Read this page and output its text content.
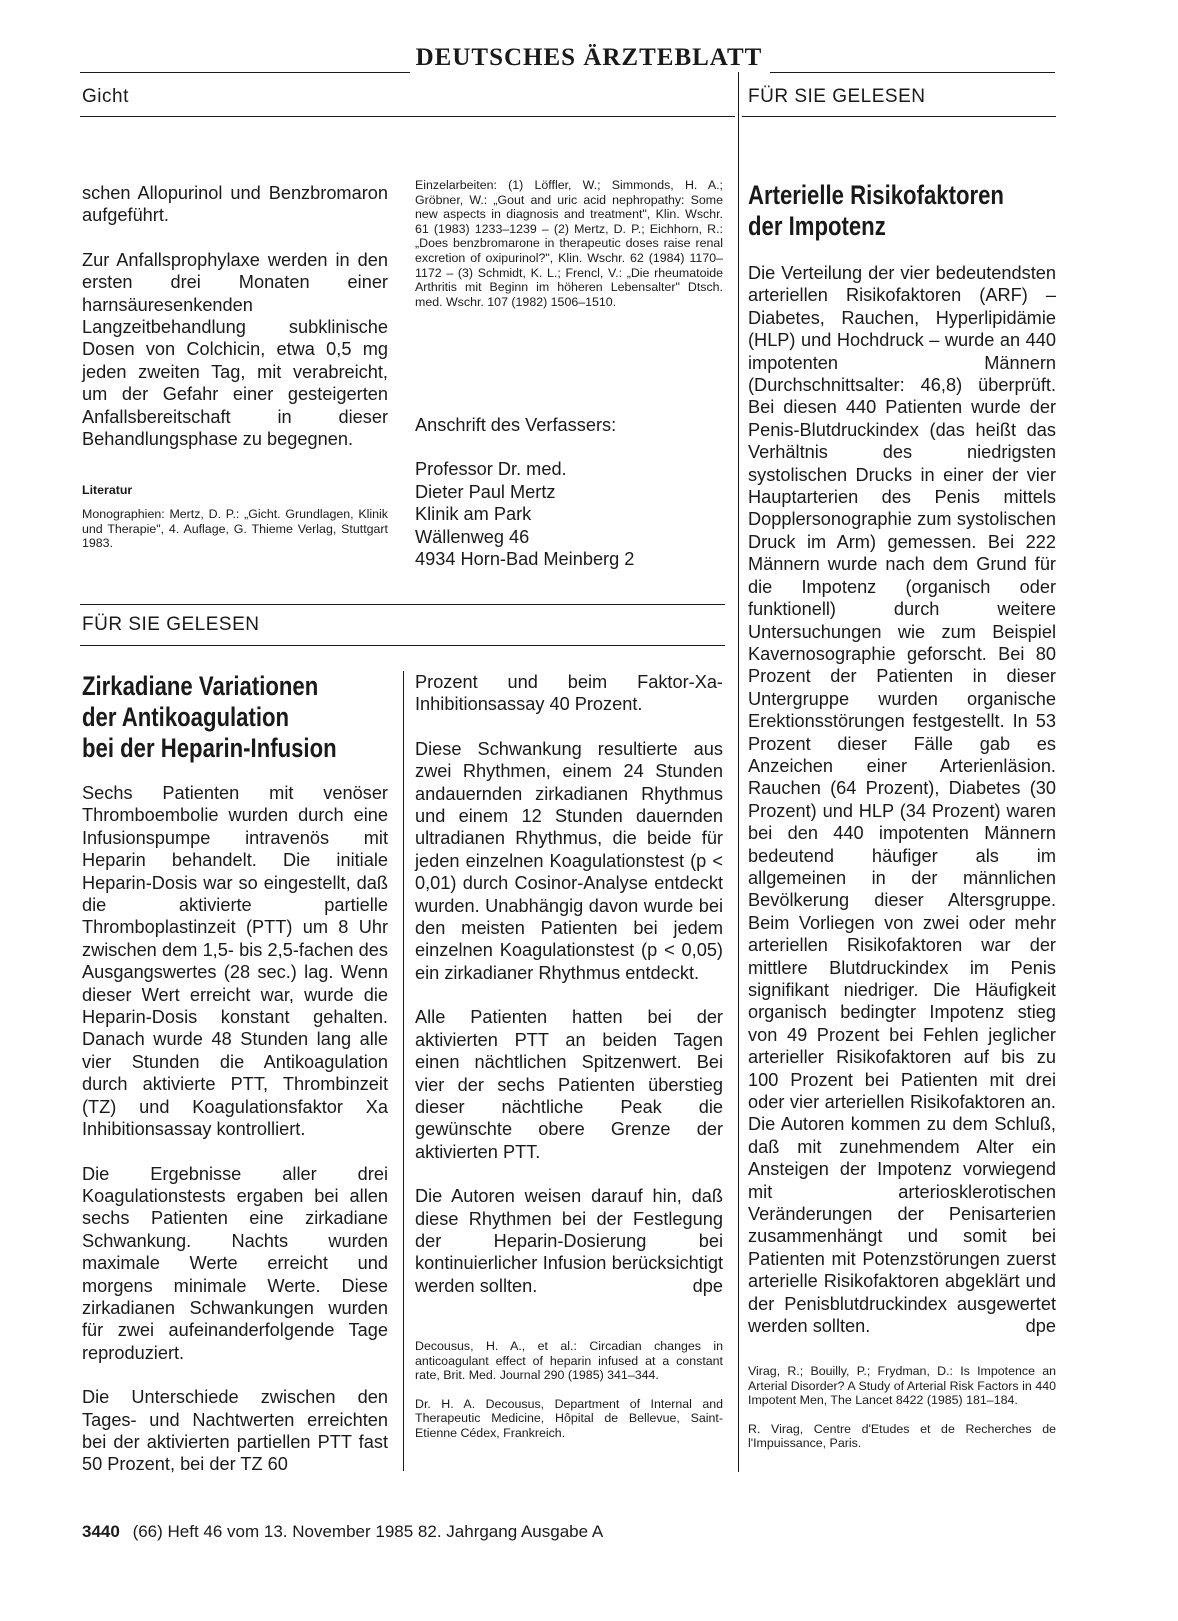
DEUTSCHES ÄRZTEBLATT
Gicht	FÜR SIE GELESEN

schen Allopurinol und Benzbromaron aufgeführt.

Zur Anfallsprophylaxe werden in den ersten drei Monaten einer harnsäuresenkenden Langzeitbehandlung subklinische Dosen von Colchicin, etwa 0,5 mg jeden zweiten Tag, mit verabreicht, um der Gefahr einer gesteigerten Anfallsbereitschaft in dieser Behandlungsphase zu begegnen.

Literatur

Monographien: Mertz, D. P.: „Gicht. Grundlagen, Klinik und Therapie", 4. Auflage, G. Thieme Verlag, Stuttgart 1983.

Einzelarbeiten: (1) Löffler, W.; Simmonds, H. A.; Gröbner, W.: „Gout and uric acid nephropathy: Some new aspects in diagnosis and treatment", Klin. Wschr. 61 (1983) 1233–1239 – (2) Mertz, D. P.; Eichhorn, R.: „Does benzbromarone in therapeutic doses raise renal excretion of oxipurinol?", Klin. Wschr. 62 (1984) 1170–1172 – (3) Schmidt, K. L.; Frencl, V.: „Die rheumatoide Arthritis mit Beginn im höheren Lebensalter" Dtsch. med. Wschr. 107 (1982) 1506–1510.

Anschrift des Verfassers:

Professor Dr. med.

Dieter Paul Mertz

Klinik am Park

Wällenweg 46

4934 Horn-Bad Meinberg 2

FÜR SIE GELESEN
Zirkadiane Variationen
der Antikoagulation
bei der Heparin-Infusion

Sechs Patienten mit venöser Thromboembolie wurden durch eine Infusionspumpe intravenös mit Heparin behandelt. Die initiale Heparin-Dosis war so eingestellt, daß die aktivierte partielle Thromboplastinzeit (PTT) um 8 Uhr zwischen dem 1,5- bis 2,5-fachen des Ausgangswertes (28 sec.) lag. Wenn dieser Wert erreicht war, wurde die Heparin-Dosis konstant gehalten. Danach wurde 48 Stunden lang alle vier Stunden die Antikoagulation durch aktivierte PTT, Thrombinzeit (TZ) und Koagulationsfaktor Xa Inhibitionsassay kontrolliert.

Die Ergebnisse aller drei Koagulationstests ergaben bei allen sechs Patienten eine zirkadiane Schwankung. Nachts wurden maximale Werte erreicht und morgens minimale Werte. Diese zirkadianen Schwankungen wurden für zwei aufeinanderfolgende Tage reproduziert.

Die Unterschiede zwischen den Tages- und Nachtwerten erreichten bei der aktivierten partiellen PTT fast 50 Prozent, bei der TZ 60

Prozent und beim Faktor-Xa-Inhibitionsassay 40 Prozent.

Diese Schwankung resultierte aus zwei Rhythmen, einem 24 Stunden andauernden zirkadianen Rhythmus und einem 12 Stunden dauernden ultradianen Rhythmus, die beide für jeden einzelnen Koagulationstest (p < 0,01) durch Cosinor-Analyse entdeckt wurden. Unabhängig davon wurde bei den meisten Patienten bei jedem einzelnen Koagulationstest (p < 0,05) ein zirkadianer Rhythmus entdeckt.

Alle Patienten hatten bei der aktivierten PTT an beiden Tagen einen nächtlichen Spitzenwert. Bei vier der sechs Patienten überstieg dieser nächtliche Peak die gewünschte obere Grenze der aktivierten PTT.

Die Autoren weisen darauf hin, daß diese Rhythmen bei der Festlegung der Heparin-Dosierung bei kontinuierlicher Infusion berücksichtigt werden sollten.	dpe

Decousus, H. A., et al.: Circadian changes in anticoagulant effect of heparin infused at a constant rate, Brit. Med. Journal 290 (1985) 341–344.

Dr. H. A. Decousus, Department of Internal and Therapeutic Medicine, Hôpital de Bellevue, Saint-Etienne Cédex, Frankreich.

Arterielle Risikofaktoren
der Impotenz

Die Verteilung der vier bedeutendsten arteriellen Risikofaktoren (ARF) – Diabetes, Rauchen, Hyperlipidämie (HLP) und Hochdruck – wurde an 440 impotenten Männern (Durchschnittsalter: 46,8) überprüft. Bei diesen 440 Patienten wurde der Penis-Blutdruckindex (das heißt das Verhältnis des niedrigsten systolischen Drucks in einer der vier Hauptarterien des Penis mittels Dopplersonographie zum systolischen Druck im Arm) gemessen. Bei 222 Männern wurde nach dem Grund für die Impotenz (organisch oder funktionell) durch weitere Untersuchungen wie zum Beispiel Kavernosographie geforscht. Bei 80 Prozent der Patienten in dieser Untergruppe wurden organische Erektionsstörungen festgestellt. In 53 Prozent dieser Fälle gab es Anzeichen einer Arterienläsion. Rauchen (64 Prozent), Diabetes (30 Prozent) und HLP (34 Prozent) waren bei den 440 impotenten Männern bedeutend häufiger als im allgemeinen in der männlichen Bevölkerung dieser Altersgruppe. Beim Vorliegen von zwei oder mehr arteriellen Risikofaktoren war der mittlere Blutdruckindex im Penis signifikant niedriger. Die Häufigkeit organisch bedingter Impotenz stieg von 49 Prozent bei Fehlen jeglicher arterieller Risikofaktoren auf bis zu 100 Prozent bei Patienten mit drei oder vier arteriellen Risikofaktoren an. Die Autoren kommen zu dem Schluß, daß mit zunehmendem Alter ein Ansteigen der Impotenz vorwiegend mit arteriosklerotischen Veränderungen der Penisarterien zusammenhängt und somit bei Patienten mit Potenzstörungen zuerst arterielle Risikofaktoren abgeklärt und der Penisblutdruckindex ausgewertet werden sollten.	dpe

Virag, R.; Bouilly, P.; Frydman, D.: Is Impotence an Arterial Disorder? A Study of Arterial Risk Factors in 440 Impotent Men, The Lancet 8422 (1985) 181–184.

R. Virag, Centre d'Etudes et de Recherches de l'Impuissance, Paris.

3440 (66) Heft 46 vom 13. November 1985 82. Jahrgang Ausgabe A
